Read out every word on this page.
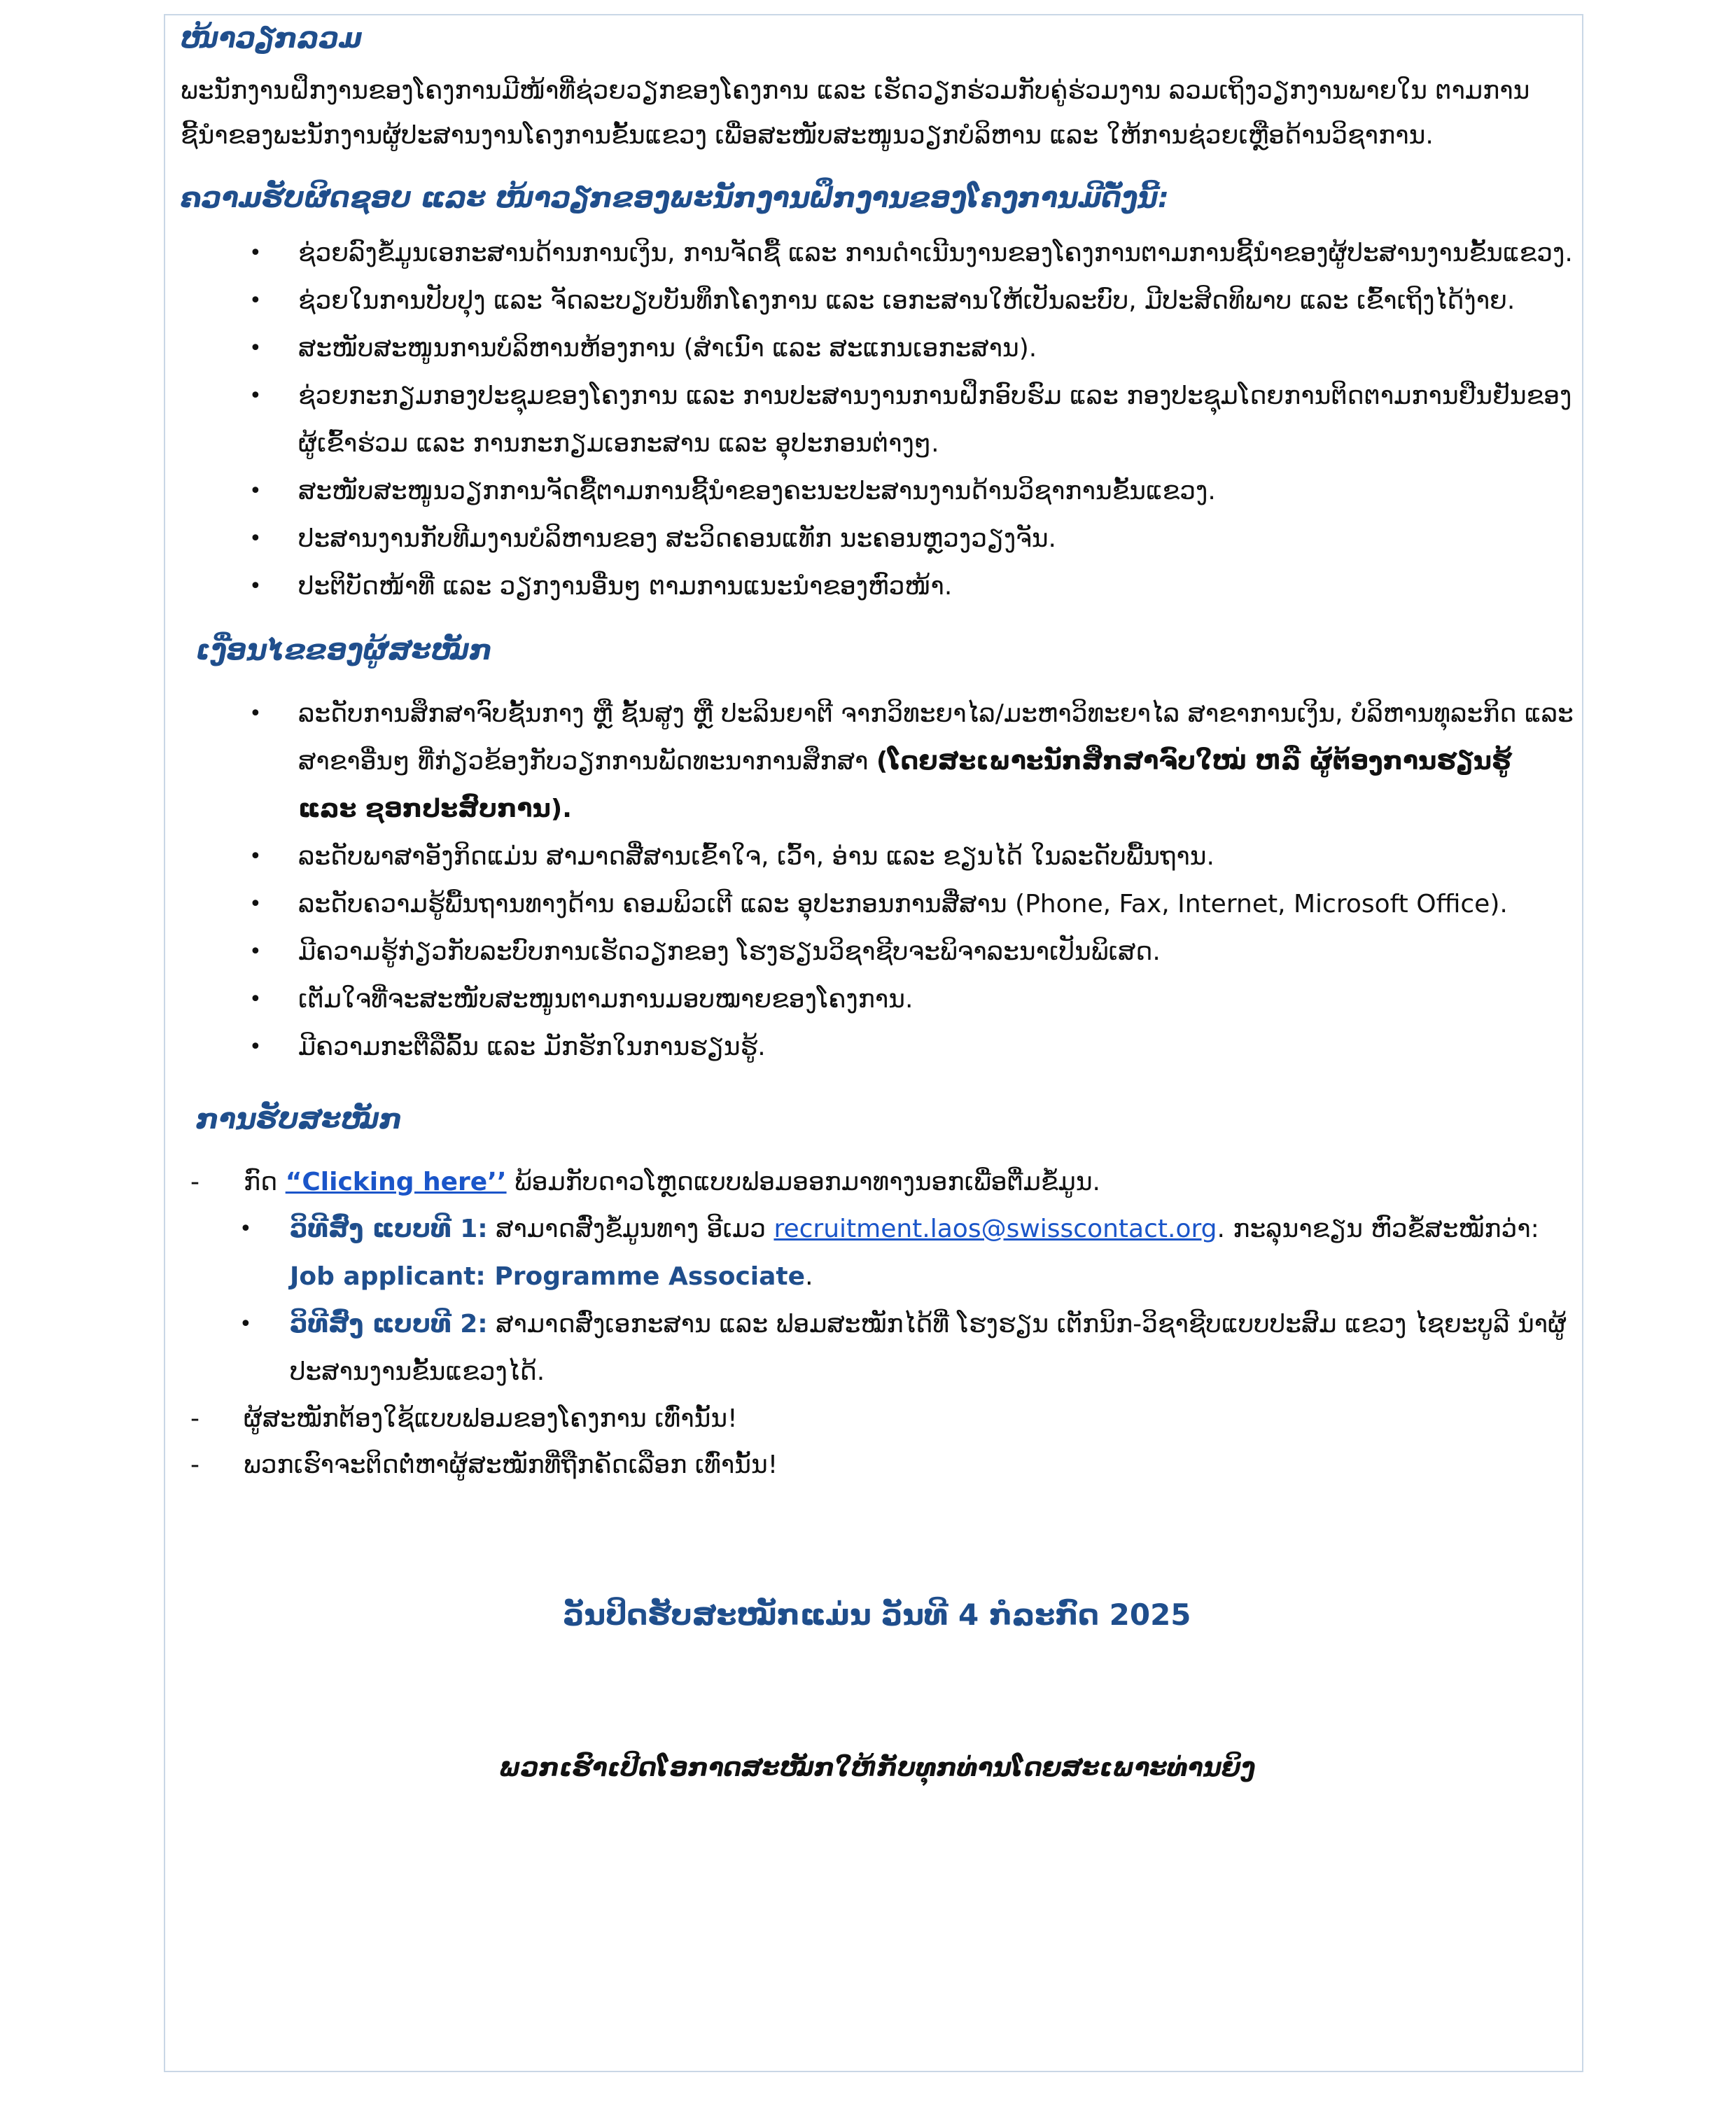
ໜ້າວຽກລວມ

ພະນັກງານຝຶກງານຂອງໂຄງການມີໜ້າທີ່ຊ່ວຍວຽກຂອງໂຄງການ ແລະ ເຮັດວຽກຮ່ວມກັບຄູ່ຮ່ວມງານ ລວມເຖິງວຽກງານພາຍໃນ ຕາມການຊີ້ນຳຂອງພະນັກງານຜູ້ປະສານງານໂຄງການຂັ້ນແຂວງ ເພື່ອສະໜັບສະໜູນວຽກບໍລິຫານ ແລະ ໃຫ້ການຊ່ວຍເຫຼືອດ້ານວິຊາການ.

ຄວາມຮັບຜິດຊອບ ແລະ ໜ້າວຽກຂອງພະນັກງານຝຶກງານຂອງໂຄງການມີດັ່ງນີ້:
• ຊ່ວຍລົງຂໍ້ມູນເອກະສານດ້ານການເງິນ, ການຈັດຊື້ ແລະ ການດຳເນີນງານຂອງໂຄງການຕາມການຊີ້ນຳຂອງຜູ້ປະສານງານຂັ້ນແຂວງ.
• ຊ່ວຍໃນການປັບປຸງ ແລະ ຈັດລະບຽບບັນທຶກໂຄງການ ແລະ ເອກະສານໃຫ້ເປັນລະບົບ, ມີປະສິດທິພາບ ແລະ ເຂົ້າເຖິງໄດ້ງ່າຍ.
• ສະໜັບສະໜູນການບໍລິຫານຫ້ອງການ (ສຳເນົາ ແລະ ສະແກນເອກະສານ).
• ຊ່ວຍກະກຽມກອງປະຊຸມຂອງໂຄງການ ແລະ ການປະສານງານການຝຶກອົບຮົມ ແລະ ກອງປະຊຸມໂດຍການຕິດຕາມການຢືນຢັນຂອງຜູ້ເຂົ້າຮ່ວມ ແລະ ການກະກຽມເອກະສານ ແລະ ອຸປະກອນຕ່າງໆ.
• ສະໜັບສະໜູນວຽກການຈັດຊື້ຕາມການຊີ້ນຳຂອງຄະນະປະສານງານດ້ານວິຊາການຂັ້ນແຂວງ.
• ປະສານງານກັບທີມງານບໍລິຫານຂອງ ສະວິດຄອນແທັກ ນະຄອນຫຼວງວຽງຈັນ.
• ປະຕິບັດໜ້າທີ່ ແລະ ວຽກງານອື່ນໆ ຕາມການແນະນຳຂອງຫົວໜ້າ.
ເງື່ອນໄຂຂອງຜູ້ສະໝັກ
• ລະດັບການສຶກສາຈົບຊັ້ນກາງ ຫຼື ຊັ້ນສູງ ຫຼື ປະລິນຍາຕີ ຈາກວິທະຍາໄລ/ມະຫາວິທະຍາໄລ ສາຂາການເງິນ, ບໍລິຫານທຸລະກິດ ແລະ ສາຂາອື່ນໆ ທີ່ກ່ຽວຂ້ອງກັບວຽກການພັດທະນາການສຶກສາ (ໂດຍສະເພາະນັກສຶກສາຈົບໃໝ່ ຫລື ຜູ້ຕ້ອງການຮຽນຮູ້ ແລະ ຊອກປະສົບການ).
• ລະດັບພາສາອັງກິດແມ່ນ ສາມາດສື່ສານເຂົ້າໃຈ, ເວົ້າ, ອ່ານ ແລະ ຂຽນໄດ້ ໃນລະດັບພື້ນຖານ.
• ລະດັບຄວາມຮູ້ພື້ນຖານທາງດ້ານ ຄອມພິວເຕີ ແລະ ອຸປະກອນການສື່ສານ (Phone, Fax, Internet, Microsoft Office).
• ມີຄວາມຮູ້ກ່ຽວກັບລະບົບການເຮັດວຽກຂອງ ໂຮງຮຽນວິຊາຊີບຈະພິຈາລະນາເປັນພິເສດ.
• ເຕັມໃຈທີ່ຈະສະໜັບສະໜູນຕາມການມອບໝາຍຂອງໂຄງການ.
• ມີຄວາມກະຕືລືລົ້ນ ແລະ ມັກຮັກໃນການຮຽນຮູ້.
ການຮັບສະໝັກ
- ກົດ “Clicking here’’ ພ້ອມກັບດາວໂຫຼດແບບຟອມອອກມາທາງນອກເພື່ອຕື່ມຂໍ້ມູນ.
• ວິທີສົ່ງ ແບບທີ 1: ສາມາດສົ່ງຂໍ້ມູນທາງ ອີເມວ recruitment.laos@swisscontact.org. ກະລຸນາຂຽນ ຫົວຂໍ້ສະໝັກວ່າ:
Job applicant: Programme Associate.
• ວິທີສົ່ງ ແບບທີ 2: ສາມາດສົ່ງເອກະສານ ແລະ ຟອມສະໝັກໄດ້ທີ່ ໂຮງຮຽນ ເຕັກນິກ-ວິຊາຊີບແບບປະສົມ ແຂວງ ໄຊຍະບູລີ ນຳຜູ້ປະສານງານຂັ້ນແຂວງໄດ້.
- ຜູ້ສະໝັກຕ້ອງໃຊ້ແບບຟອມຂອງໂຄງການ ເທົ່ານັ້ນ!
- ພວກເຮົາຈະຕິດຕໍ່ຫາຜູ້ສະໝັກທີ່ຖືກຄັດເລືອກ ເທົ່ານັ້ນ!
ວັນປິດຮັບສະໝັກແມ່ນ ວັນທີ 4 ກໍລະກົດ 2025
ພວກເຮົາເປີດໂອກາດສະໝັກໃຫ້ກັບທຸກທ່ານໂດຍສະເພາະທ່ານຍິງ
